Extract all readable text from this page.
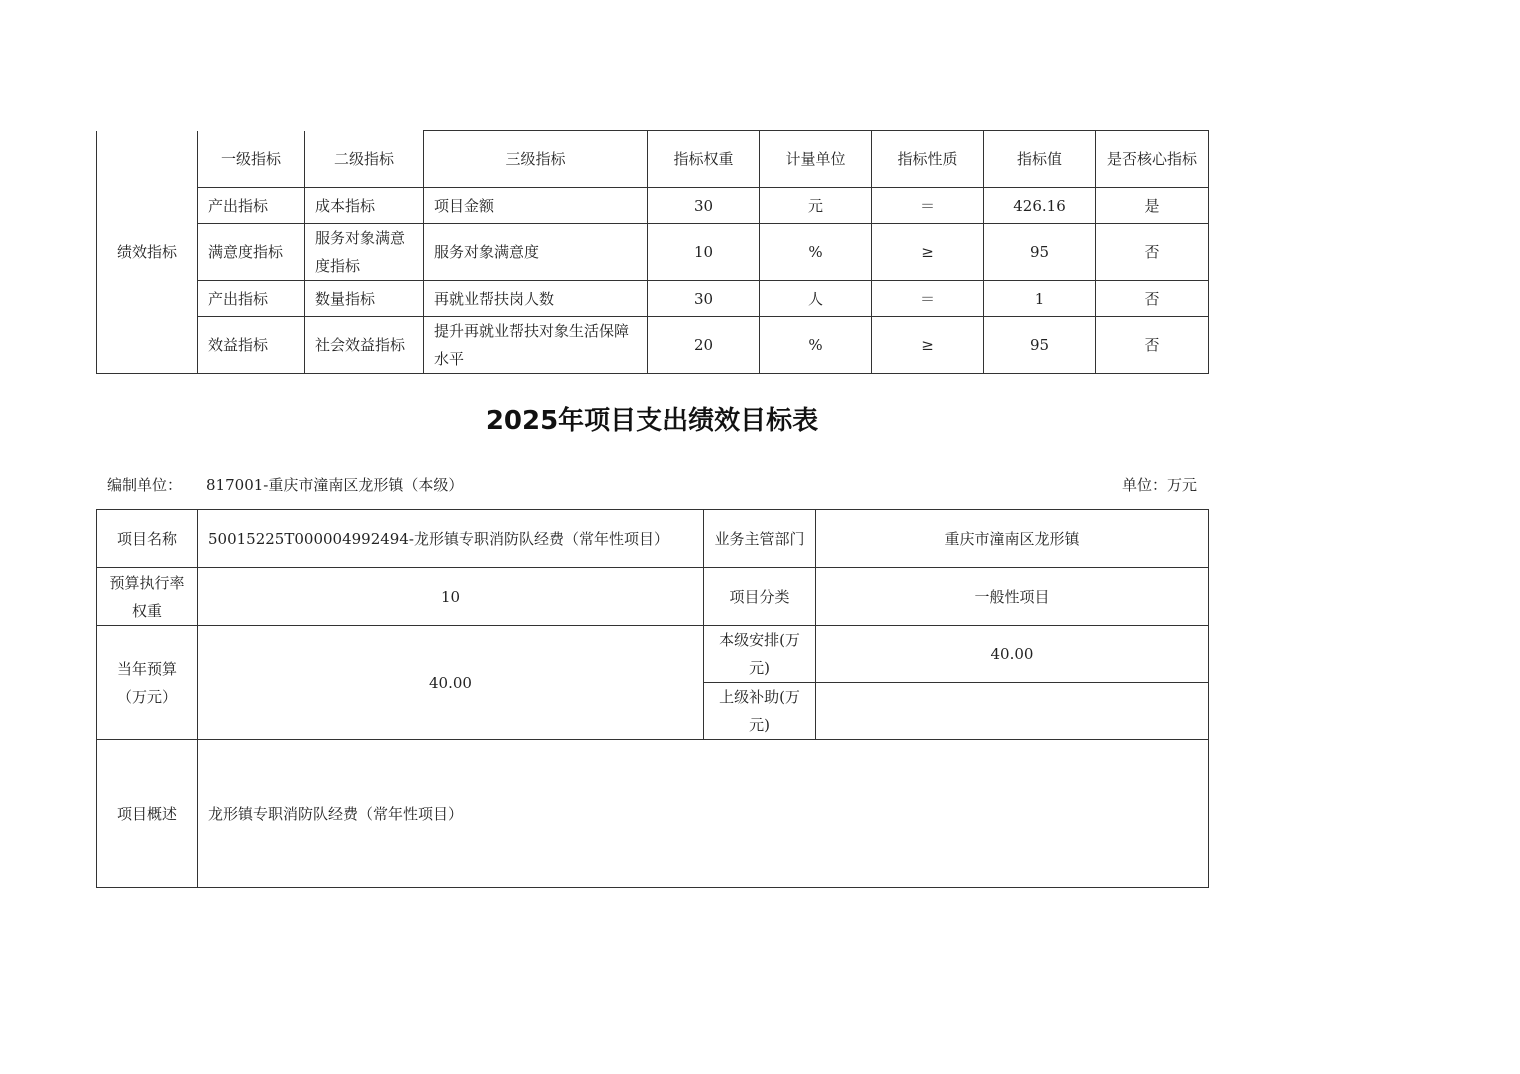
绩效指标	一级指标	二级指标	三级指标	指标权重	计量单位	指标性质	指标值	是否核心指标
	产出指标	成本指标	项目金额	30	元	＝	426.16	是
	满意度指标	服务对象满意度指标	服务对象满意度	10	%	≥	95	否
	产出指标	数量指标	再就业帮扶岗人数	30	人	＝	1	否
	效益指标	社会效益指标	提升再就业帮扶对象生活保障水平	20	%	≥	95	否
2025年项目支出绩效目标表
编制单位： 817001-重庆市潼南区龙形镇（本级）	单位：万元
项目名称	50015225T000004992494-龙形镇专职消防队经费（常年性项目）	业务主管部门	重庆市潼南区龙形镇
预算执行率权重	10	项目分类	一般性项目
当年预算（万元）	40.00	本级安排(万元)	40.00
		上级补助(万元)	
项目概述	龙形镇专职消防队经费（常年性项目）		
